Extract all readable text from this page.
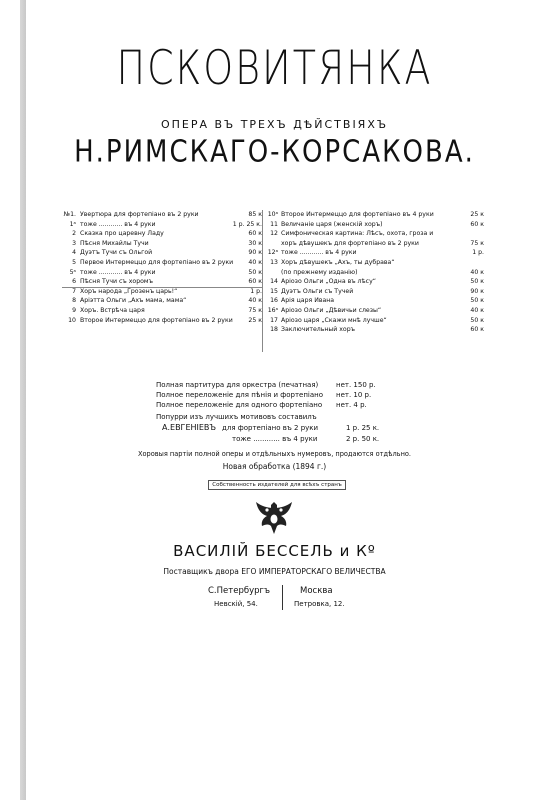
ПСКОВИТЯНКА
ОПЕРА ВЪ ТРЕХЪ ДѢЙСТВІЯХЪ
Н.РИМСКАГО-КОРСАКОВА.
№1. Увертюра для фортепіано въ 2 руки	85 к
1ᵃ тоже ............ въ 4 руки	1 р. 25 к.
2 Сказка про царевну Ладу	60 к
3 Пѣсня Михайлы Тучи	30 к
4 Дуэтъ Тучи съ Ольгой	90 к
5 Первое Интермеццо для фортепіано въ 2 руки 40 к
5ᵃ тоже ............ въ 4 руки	50 к
6 Пѣсня Тучи съ хоромъ	60 к
7 Хоръ народа „Грозенъ царь!“	1 р.
8 Аріэтта Ольги „Ахъ мама, мама“	40 к
9 Хоръ. Встрѣча царя	75 к
10 Второе Интермеццо для фортепіано въ 2 руки	25 к
10ᵃ Второе Интермеццо для фортепіано въ 4 руки	25 к
11 Величаніе царя (женскій хоръ)	60 к
12 Симфоническая картина: Лѣсъ, охота, гроза и
хоръ дѣвушекъ для фортепіано въ 2 руки	75 к
12ᵃ тоже ............ въ 4 руки	1 р.
13 Хоръ дѣвушекъ „Ахъ, ты дубрава“
(по прежнему изданію)	40 к
14 Аріозо Ольги „Одна въ лѣсу“	50 к
15 Дуэтъ Ольги съ Тучей	90 к
16 Арія царя Ивана	50 к
16ᵃ Аріозо Ольги „Дѣвичьи слезы“	40 к
17 Аріозо царя „Скажи мнѣ лучше“	50 к
18 Заключительный хоръ	60 к
Полная партитура для оркестра (печатная)	нет. 150 р.
Полное переложеніе для пѣнія и фортепіано нет. 10 р.
Полное переложеніе для одного фортепіано нет. 4 р.
Попурри изъ лучшихъ мотивовъ составилъ
А.ЕВГЕНІЕВЪ для фортепіано въ 2 руки	1 р. 25 к.
тоже ............ въ 4 руки	2 р. 50 к.
Хоровыя партіи полной оперы и отдѣльныхъ нумеровъ, продаются отдѣльно.
Новая обработка (1894 г.)
Собственность издателей для всѣхъ странъ
ВАСИЛІЙ БЕССЕЛЬ и Кº
Поставщикъ двора ЕГО ИМПЕРАТОРСКАГО ВЕЛИЧЕСТВА
С.Петербургъ
Невскій, 54.
Москва
Петровка, 12.
